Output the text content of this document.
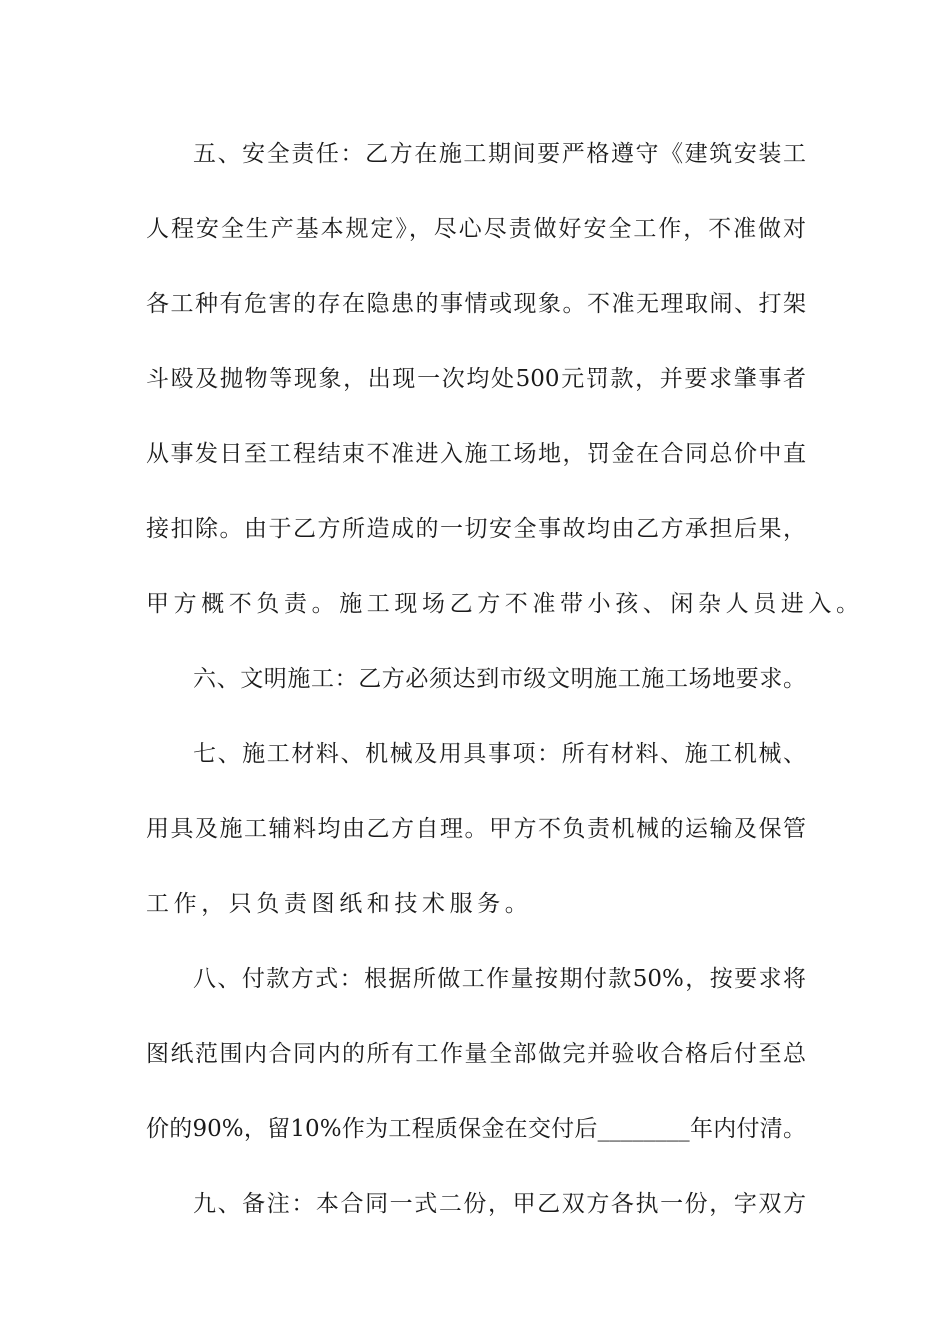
五、安全责任：乙方在施工期间要严格遵守《建筑安装工
人程安全生产基本规定》，尽心尽责做好安全工作，不准做对
各工种有危害的存在隐患的事情或现象。不准无理取闹、打架
斗殴及抛物等现象，出现一次均处500元罚款，并要求肇事者
从事发日至工程结束不准进入施工场地，罚金在合同总价中直
接扣除。由于乙方所造成的一切安全事故均由乙方承担后果，
甲方概不负责。施工现场乙方不准带小孩、闲杂人员进入。
六、文明施工：乙方必须达到市级文明施工施工场地要求。
七、施工材料、机械及用具事项：所有材料、施工机械、
用具及施工辅料均由乙方自理。甲方不负责机械的运输及保管
工作，只负责图纸和技术服务。
八、付款方式：根据所做工作量按期付款50%，按要求将
图纸范围内合同内的所有工作量全部做完并验收合格后付至总
价的90%，留10%作为工程质保金在交付后________年内付清。
九、备注：本合同一式二份，甲乙双方各执一份，字双方
